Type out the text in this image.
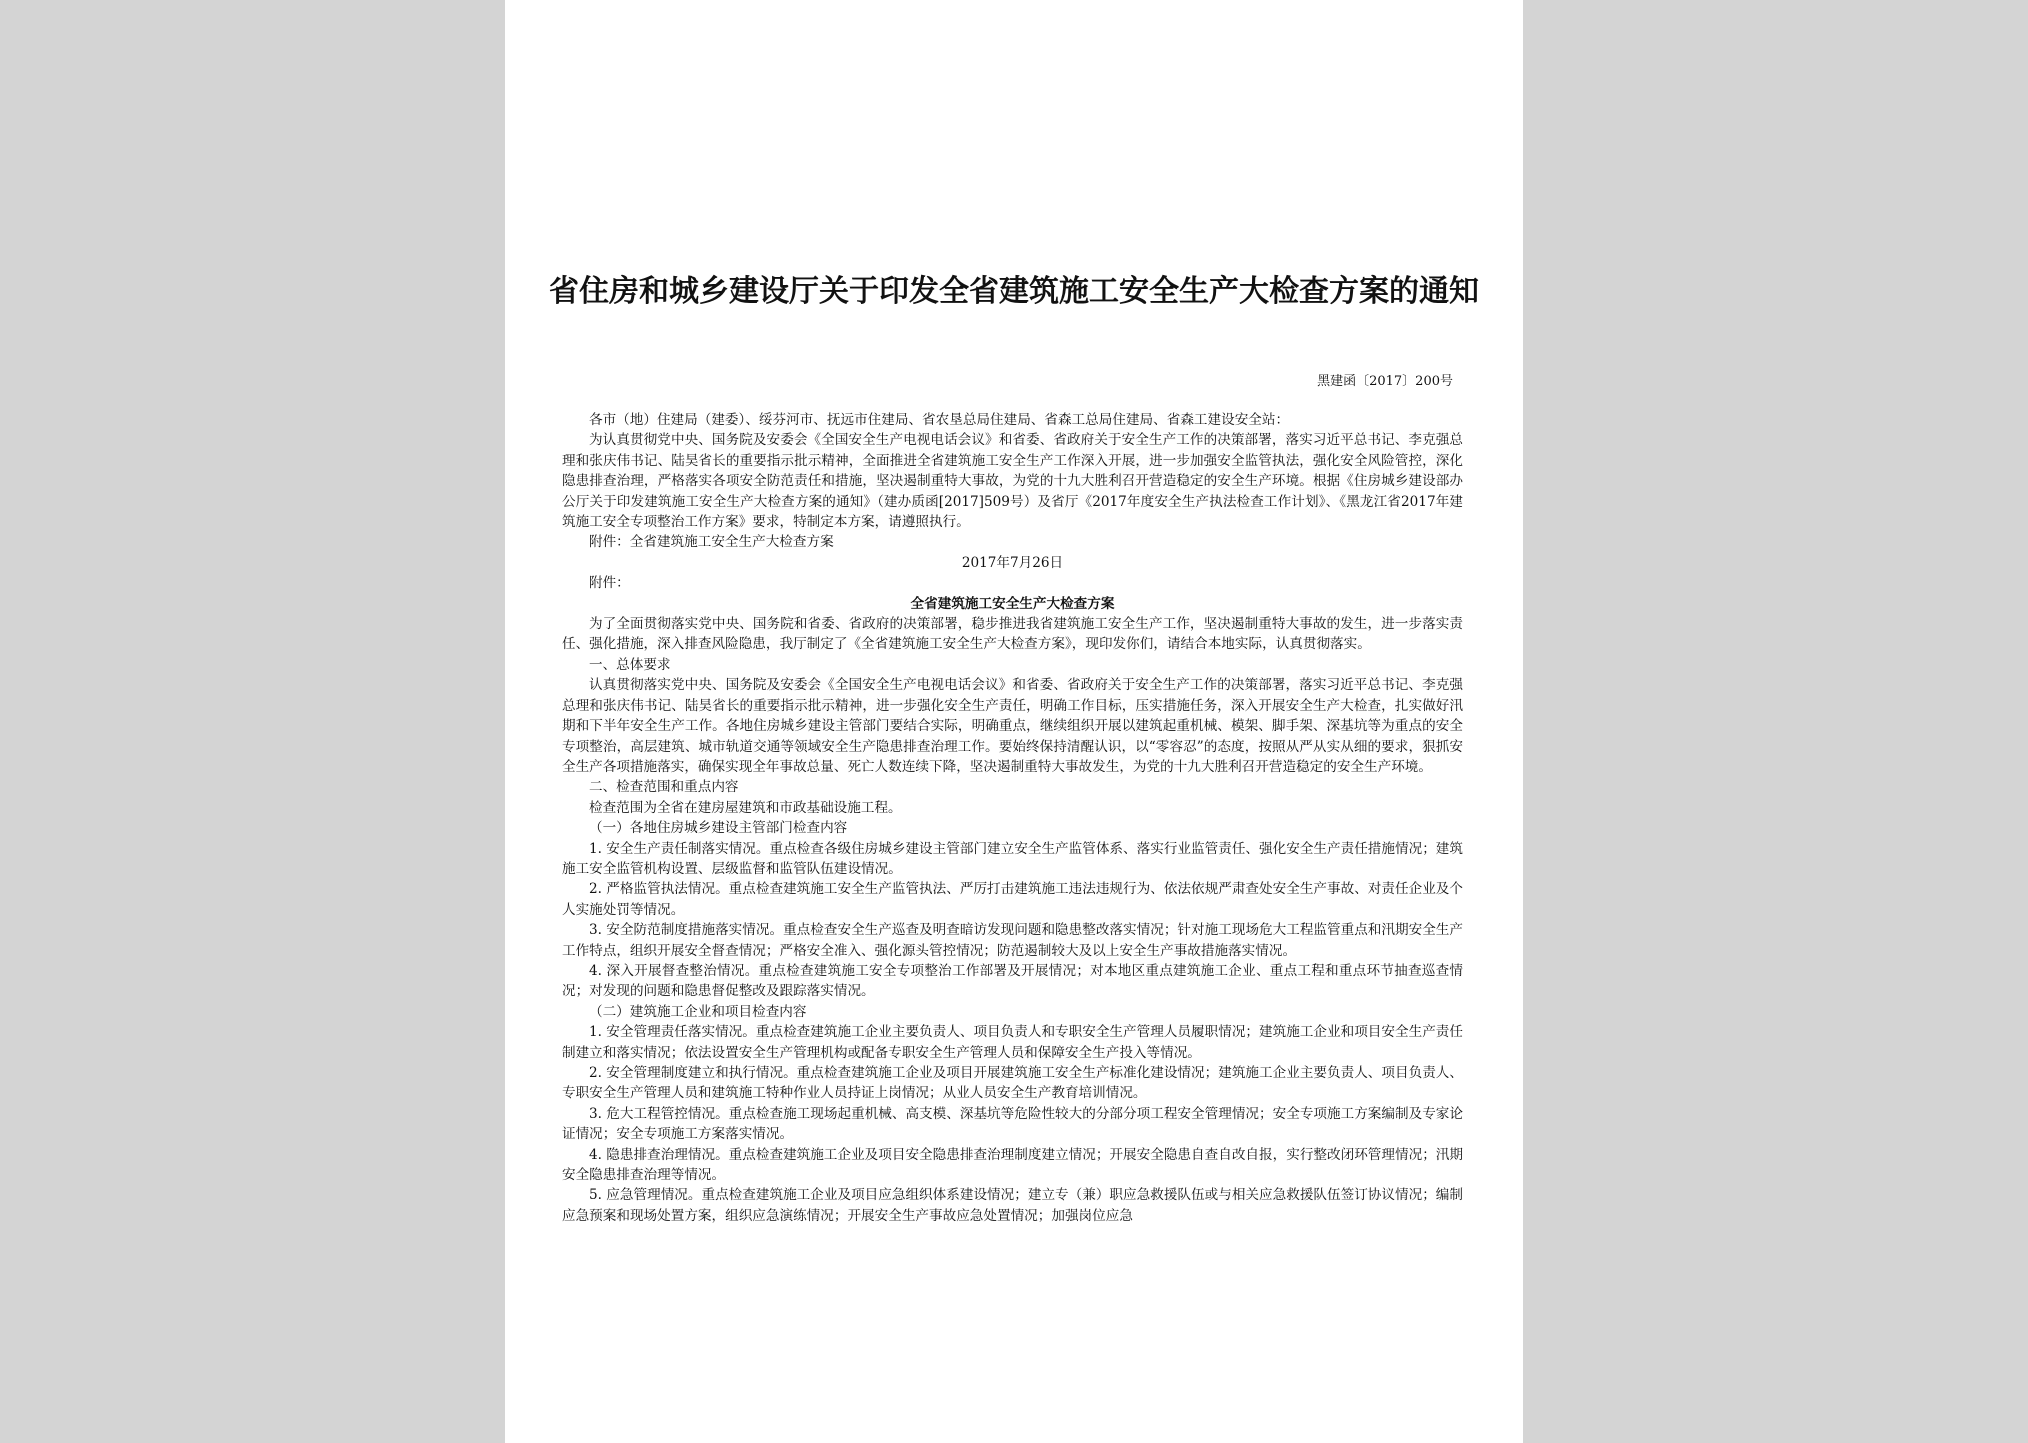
省住房和城乡建设厅关于印发全省建筑施工安全生产大检查方案的通知
黑建函〔2017〕200号

各市（地）住建局（建委）、绥芬河市、抚远市住建局、省农垦总局住建局、省森工总局住建局、省森工建设安全站：

为认真贯彻党中央、国务院及安委会《全国安全生产电视电话会议》和省委、省政府关于安全生产工作的决策部署，落实习近平总书记、李克强总理和张庆伟书记、陆昊省长的重要指示批示精神，全面推进全省建筑施工安全生产工作深入开展，进一步加强安全监管执法，强化安全风险管控，深化隐患排查治理，严格落实各项安全防范责任和措施，坚决遏制重特大事故，为党的十九大胜利召开营造稳定的安全生产环境。根据《住房城乡建设部办公厅关于印发建筑施工安全生产大检查方案的通知》（建办质函[2017]509号）及省厅《2017年度安全生产执法检查工作计划》、《黑龙江省2017年建筑施工安全专项整治工作方案》要求，特制定本方案，请遵照执行。

附件：全省建筑施工安全生产大检查方案

2017年7月26日

附件：

全省建筑施工安全生产大检查方案

为了全面贯彻落实党中央、国务院和省委、省政府的决策部署，稳步推进我省建筑施工安全生产工作，坚决遏制重特大事故的发生，进一步落实责任、强化措施，深入排查风险隐患，我厅制定了《全省建筑施工安全生产大检查方案》，现印发你们，请结合本地实际，认真贯彻落实。

一、总体要求

认真贯彻落实党中央、国务院及安委会《全国安全生产电视电话会议》和省委、省政府关于安全生产工作的决策部署，落实习近平总书记、李克强总理和张庆伟书记、陆昊省长的重要指示批示精神，进一步强化安全生产责任，明确工作目标，压实措施任务，深入开展安全生产大检查，扎实做好汛期和下半年安全生产工作。各地住房城乡建设主管部门要结合实际，明确重点，继续组织开展以建筑起重机械、模架、脚手架、深基坑等为重点的安全专项整治，高层建筑、城市轨道交通等领域安全生产隐患排查治理工作。要始终保持清醒认识，以“零容忍”的态度，按照从严从实从细的要求，狠抓安全生产各项措施落实，确保实现全年事故总量、死亡人数连续下降，坚决遏制重特大事故发生，为党的十九大胜利召开营造稳定的安全生产环境。

二、检查范围和重点内容

检查范围为全省在建房屋建筑和市政基础设施工程。

（一）各地住房城乡建设主管部门检查内容

1. 安全生产责任制落实情况。重点检查各级住房城乡建设主管部门建立安全生产监管体系、落实行业监管责任、强化安全生产责任措施情况；建筑施工安全监管机构设置、层级监督和监管队伍建设情况。

2. 严格监管执法情况。重点检查建筑施工安全生产监管执法、严厉打击建筑施工违法违规行为、依法依规严肃查处安全生产事故、对责任企业及个人实施处罚等情况。

3. 安全防范制度措施落实情况。重点检查安全生产巡查及明查暗访发现问题和隐患整改落实情况；针对施工现场危大工程监管重点和汛期安全生产工作特点，组织开展安全督查情况；严格安全准入、强化源头管控情况；防范遏制较大及以上安全生产事故措施落实情况。

4. 深入开展督查整治情况。重点检查建筑施工安全专项整治工作部署及开展情况；对本地区重点建筑施工企业、重点工程和重点环节抽查巡查情况；对发现的问题和隐患督促整改及跟踪落实情况。

（二）建筑施工企业和项目检查内容

1. 安全管理责任落实情况。重点检查建筑施工企业主要负责人、项目负责人和专职安全生产管理人员履职情况；建筑施工企业和项目安全生产责任制建立和落实情况；依法设置安全生产管理机构或配备专职安全生产管理人员和保障安全生产投入等情况。

2. 安全管理制度建立和执行情况。重点检查建筑施工企业及项目开展建筑施工安全生产标准化建设情况；建筑施工企业主要负责人、项目负责人、专职安全生产管理人员和建筑施工特种作业人员持证上岗情况；从业人员安全生产教育培训情况。

3. 危大工程管控情况。重点检查施工现场起重机械、高支模、深基坑等危险性较大的分部分项工程安全管理情况；安全专项施工方案编制及专家论证情况；安全专项施工方案落实情况。

4. 隐患排查治理情况。重点检查建筑施工企业及项目安全隐患排查治理制度建立情况；开展安全隐患自查自改自报，实行整改闭环管理情况；汛期安全隐患排查治理等情况。

5. 应急管理情况。重点检查建筑施工企业及项目应急组织体系建设情况；建立专（兼）职应急救援队伍或与相关应急救援队伍签订协议情况；编制应急预案和现场处置方案，组织应急演练情况；开展安全生产事故应急处置情况；加强岗位应急
